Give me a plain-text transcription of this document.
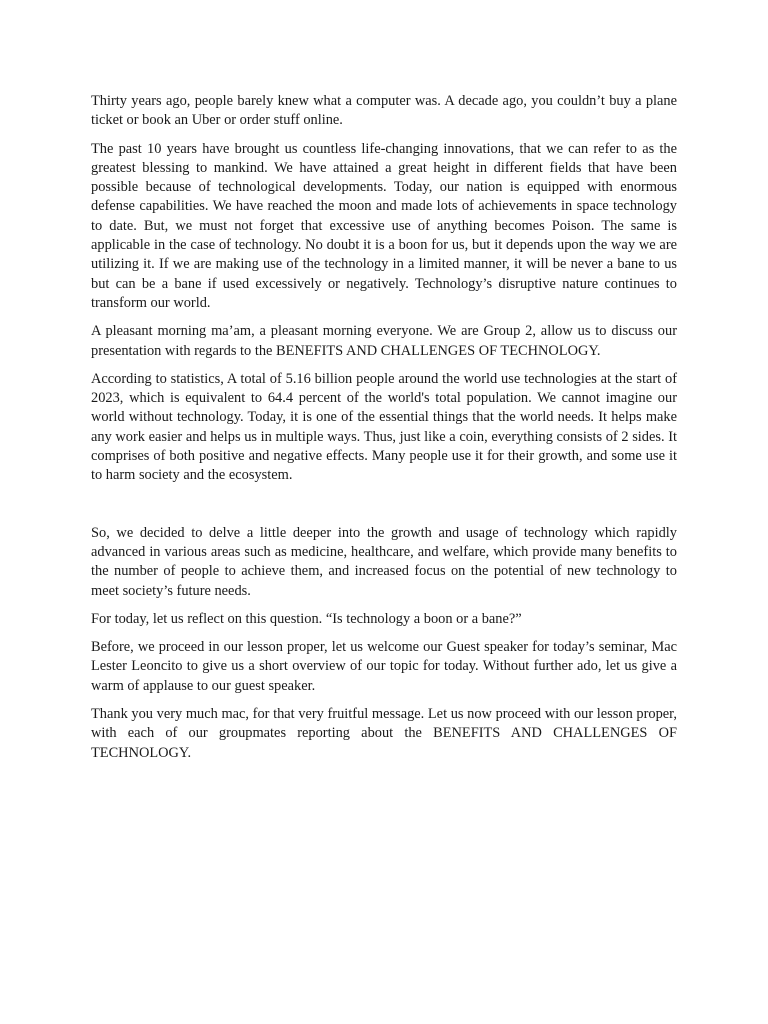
Thirty years ago, people barely knew what a computer was. A decade ago, you couldn’t buy a plane ticket or book an Uber or order stuff online.

The past 10 years have brought us countless life-changing innovations, that we can refer to as the greatest blessing to mankind. We have attained a great height in different fields that have been possible because of technological developments. Today, our nation is equipped with enormous defense capabilities. We have reached the moon and made lots of achievements in space technology to date. But, we must not forget that excessive use of anything becomes Poison. The same is applicable in the case of technology. No doubt it is a boon for us, but it depends upon the way we are utilizing it. If we are making use of the technology in a limited manner, it will be never a bane to us but can be a bane if used excessively or negatively. Technology’s disruptive nature continues to transform our world.

A pleasant morning ma’am, a pleasant morning everyone. We are Group 2, allow us to discuss our presentation with regards to the BENEFITS AND CHALLENGES OF TECHNOLOGY.

According to statistics, A total of 5.16 billion people around the world use technologies at the start of 2023, which is equivalent to 64.4 percent of the world's total population. We cannot imagine our world without technology. Today, it is one of the essential things that the world needs. It helps make any work easier and helps us in multiple ways. Thus, just like a coin, everything consists of 2 sides. It comprises of both positive and negative effects. Many people use it for their growth, and some use it to harm society and the ecosystem.

So, we decided to delve a little deeper into the growth and usage of technology which rapidly advanced in various areas such as medicine, healthcare, and welfare, which provide many benefits to the number of people to achieve them, and increased focus on the potential of new technology to meet society’s future needs.

For today, let us reflect on this question. “Is technology a boon or a bane?”

Before, we proceed in our lesson proper, let us welcome our Guest speaker for today’s seminar, Mac Lester Leoncito to give us a short overview of our topic for today. Without further ado, let us give a warm of applause to our guest speaker.

Thank you very much mac, for that very fruitful message. Let us now proceed with our lesson proper, with each of our groupmates reporting about the BENEFITS AND CHALLENGES OF TECHNOLOGY.
